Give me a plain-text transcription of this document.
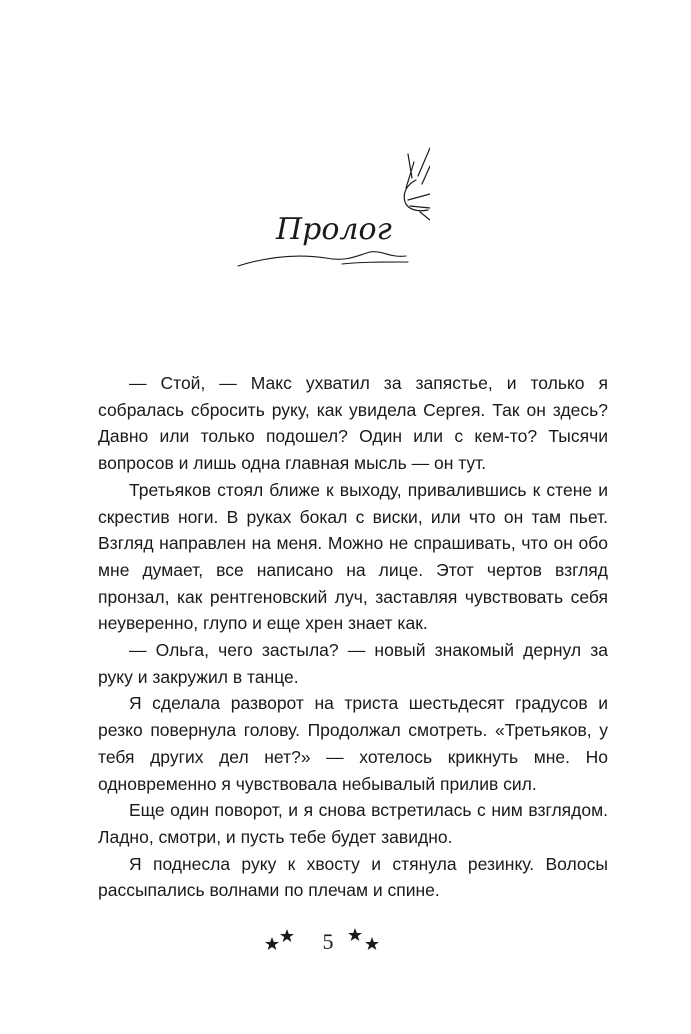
Пролог

— Стой, — Макс ухватил за запястье, и только я собралась сбросить руку, как увидела Сергея. Так он здесь? Давно или только подошел? Один или с кем-то? Тысячи вопросов и лишь одна главная мысль — он тут.

Третьяков стоял ближе к выходу, привалившись к стене и скрестив ноги. В руках бокал с виски, или что он там пьет. Взгляд направлен на меня. Можно не спрашивать, что он обо мне думает, все написано на лице. Этот чертов взгляд пронзал, как рентгеновский луч, заставляя чувствовать себя неуверенно, глупо и еще хрен знает как.

— Ольга, чего застыла? — новый знакомый дернул за руку и закружил в танце.

Я сделала разворот на триста шестьдесят градусов и резко повернула голову. Продолжал смотреть. «Третьяков, у тебя других дел нет?» — хотелось крикнуть мне. Но одновременно я чувствовала небывалый прилив сил.

Еще один поворот, и я снова встретилась с ним взглядом. Ладно, смотри, и пусть тебе будет завидно.

Я поднесла руку к хвосту и стянула резинку. Волосы рассыпались волнами по плечам и спине.

5
